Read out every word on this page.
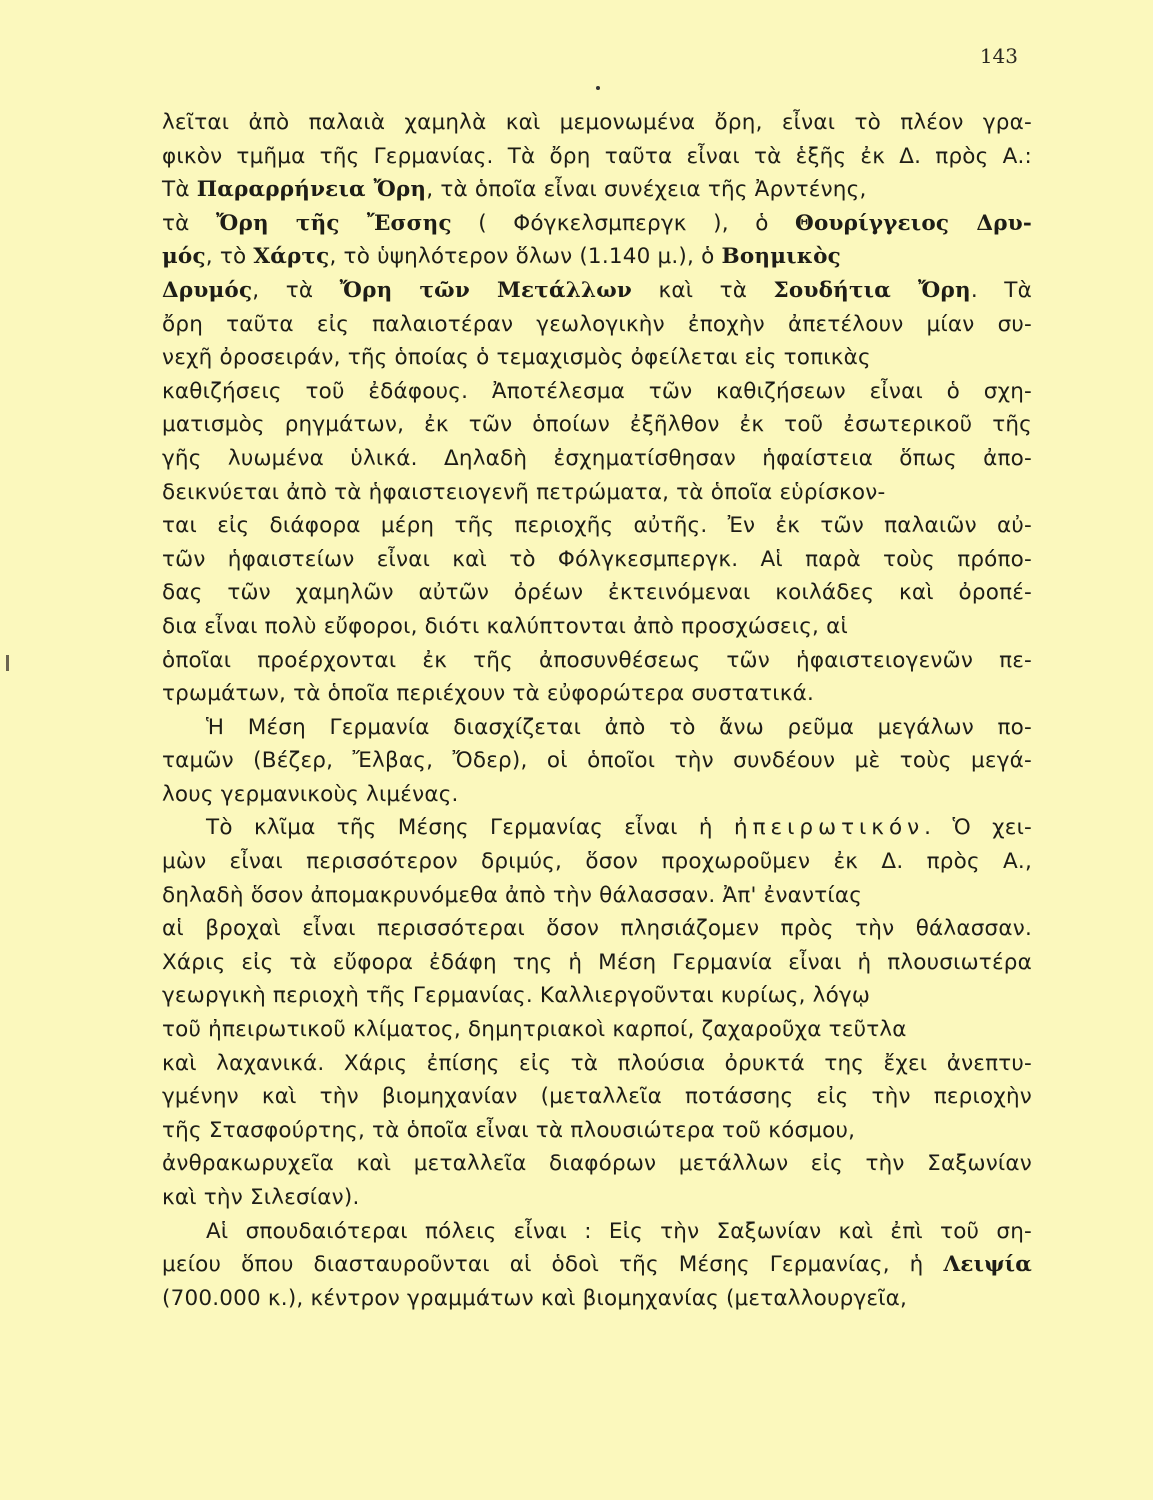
143
λεῖται ἀπὸ παλαιὰ χαμηλὰ καὶ μεμονωμένα ὄρη, εἶναι τὸ πλέον γρα-
φικὸν τμῆμα τῆς Γερμανίας. Τὰ ὄρη ταῦτα εἶναι τὰ ἑξῆς ἐκ Δ. πρὸς Α.:
Τὰ Παραρρήνεια Ὄρη, τὰ ὁποῖα εἶναι συνέχεια τῆς Ἀρντένης,
τὰ Ὄρη τῆς Ἔσσης ( Φόγκελσμπεργκ ), ὁ Θουρίγγειος Δρυ-
μός, τὸ Χάρτς, τὸ ὑψηλότερον ὅλων (1.140 μ.), ὁ Βοημικὸς
Δρυμός, τὰ Ὄρη τῶν Μετάλλων καὶ τὰ Σουδήτια Ὄρη. Τὰ
ὄρη ταῦτα εἰς παλαιοτέραν γεωλογικὴν ἐποχὴν ἀπετέλουν μίαν συ-
νεχῆ ὀροσειράν, τῆς ὁποίας ὁ τεμαχισμὸς ὀφείλεται εἰς τοπικὰς
καθιζήσεις τοῦ ἐδάφους. Ἀποτέλεσμα τῶν καθιζήσεων εἶναι ὁ σχη-
ματισμὸς ρηγμάτων, ἐκ τῶν ὁποίων ἐξῆλθον ἐκ τοῦ ἐσωτερικοῦ τῆς
γῆς λυωμένα ὑλικά. Δηλαδὴ ἐσχηματίσθησαν ἡφαίστεια ὅπως ἀπο-
δεικνύεται ἀπὸ τὰ ἡφαιστειογενῆ πετρώματα, τὰ ὁποῖα εὑρίσκον-
ται εἰς διάφορα μέρη τῆς περιοχῆς αὐτῆς. Ἐν ἐκ τῶν παλαιῶν αὐ-
τῶν ἡφαιστείων εἶναι καὶ τὸ Φόλγκεσμπεργκ. Αἱ παρὰ τοὺς πρόπο-
δας τῶν χαμηλῶν αὐτῶν ὀρέων ἐκτεινόμεναι κοιλάδες καὶ ὀροπέ-
δια εἶναι πολὺ εὔφοροι, διότι καλύπτονται ἀπὸ προσχώσεις, αἱ
ὁποῖαι προέρχονται ἐκ τῆς ἀποσυνθέσεως τῶν ἡφαιστειογενῶν πε-
τρωμάτων, τὰ ὁποῖα περιέχουν τὰ εὐφορώτερα συστατικά.
Ἡ Μέση Γερμανία διασχίζεται ἀπὸ τὸ ἄνω ρεῦμα μεγάλων πο-
ταμῶν (Βέζερ, Ἔλβας, Ὄδερ), οἱ ὁποῖοι τὴν συνδέουν μὲ τοὺς μεγά-
λους γερμανικοὺς λιμένας.
Τὸ κλῖμα τῆς Μέσης Γερμανίας εἶναι ἡ ἠπειρωτικόν. Ὁ χει-
μὼν εἶναι περισσότερον δριμύς, ὅσον προχωροῦμεν ἐκ Δ. πρὸς Α.,
δηλαδὴ ὅσον ἀπομακρυνόμεθα ἀπὸ τὴν θάλασσαν. Ἀπ' ἐναντίας
αἱ βροχαὶ εἶναι περισσότεραι ὅσον πλησιάζομεν πρὸς τὴν θάλασσαν.
Χάρις εἰς τὰ εὔφορα ἐδάφη της ἡ Μέση Γερμανία εἶναι ἡ πλουσιωτέρα
γεωργικὴ περιοχὴ τῆς Γερμανίας. Καλλιεργοῦνται κυρίως, λόγῳ
τοῦ ἠπειρωτικοῦ κλίματος, δημητριακοὶ καρποί, ζαχαροῦχα τεῦτλα
καὶ λαχανικά. Χάρις ἐπίσης εἰς τὰ πλούσια ὀρυκτά της ἔχει ἀνεπτυ-
γμένην καὶ τὴν βιομηχανίαν (μεταλλεῖα ποτάσσης εἰς τὴν περιοχὴν
τῆς Στασφούρτης, τὰ ὁποῖα εἶναι τὰ πλουσιώτερα τοῦ κόσμου,
ἀνθρακωρυχεῖα καὶ μεταλλεῖα διαφόρων μετάλλων εἰς τὴν Σαξωνίαν
καὶ τὴν Σιλεσίαν).
Αἱ σπουδαιότεραι πόλεις εἶναι : Εἰς τὴν Σαξωνίαν καὶ ἐπὶ τοῦ ση-
μείου ὅπου διασταυροῦνται αἱ ὁδοὶ τῆς Μέσης Γερμανίας, ἡ Λειψία
(700.000 κ.), κέντρον γραμμάτων καὶ βιομηχανίας (μεταλλουργεῖα,
